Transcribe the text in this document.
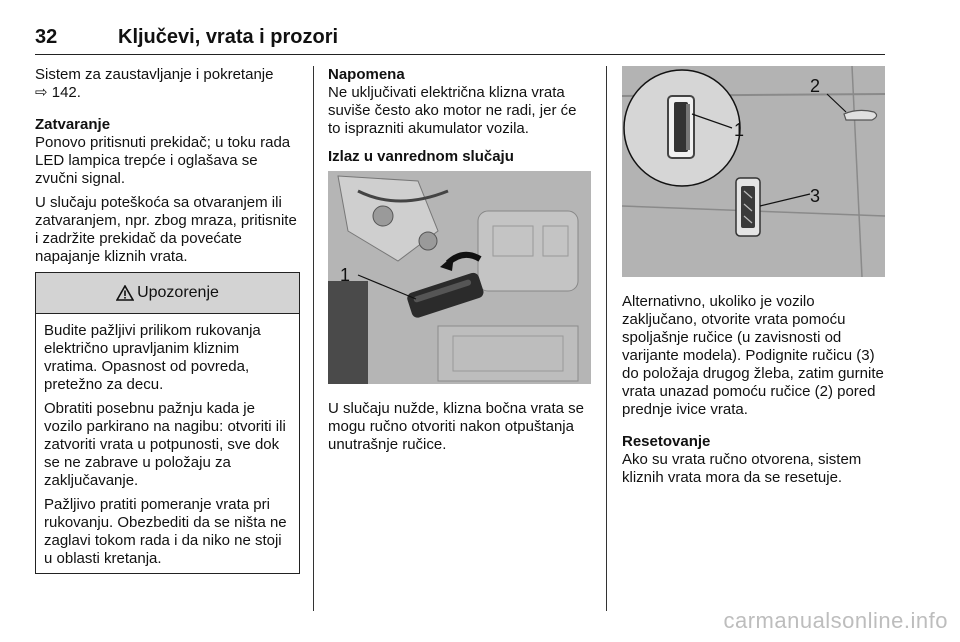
32	Ključevi, vrata i prozori

Sistem za zaustavljanje i pokretanje
⇨ 142.

Zatvaranje

Ponovo pritisnuti prekidač; u toku rada LED lampica trepće i oglašava se zvučni signal.

U slučaju poteškoća sa otvaranjem ili zatvaranjem, npr. zbog mraza, pritisnite i zadržite prekidač da povećate napajanje kliznih vrata.

Upozorenje

Budite pažljivi prilikom rukovanja električno upravljanim kliznim vratima. Opasnost od povreda, pretežno za decu.

Obratiti posebnu pažnju kada je vozilo parkirano na nagibu: otvoriti ili zatvoriti vrata u potpunosti, sve dok se ne zabrave u položaju za zaključavanje.

Pažljivo pratiti pomeranje vrata pri rukovanju. Obezbediti da se ništa ne zaglavi tokom rada i da niko ne stoji u oblasti kretanja.

Napomena

Ne uključivati električna klizna vrata suviše često ako motor ne radi, jer će to isprazniti akumulator vozila.

Izlaz u vanrednom slučaju
1

U slučaju nužde, klizna bočna vrata se mogu ručno otvoriti nakon otpuštanja unutrašnje ručice.

1
2
3

Alternativno, ukoliko je vozilo zaključano, otvorite vrata pomoću spoljašnje ručice (u zavisnosti od varijante modela). Podignite ručicu (3) do položaja drugog žleba, zatim gurnite vrata unazad pomoću ručice (2) pored prednje ivice vrata.

Resetovanje

Ako su vrata ručno otvorena, sistem kliznih vrata mora da se resetuje.

carmanualsonline.info
